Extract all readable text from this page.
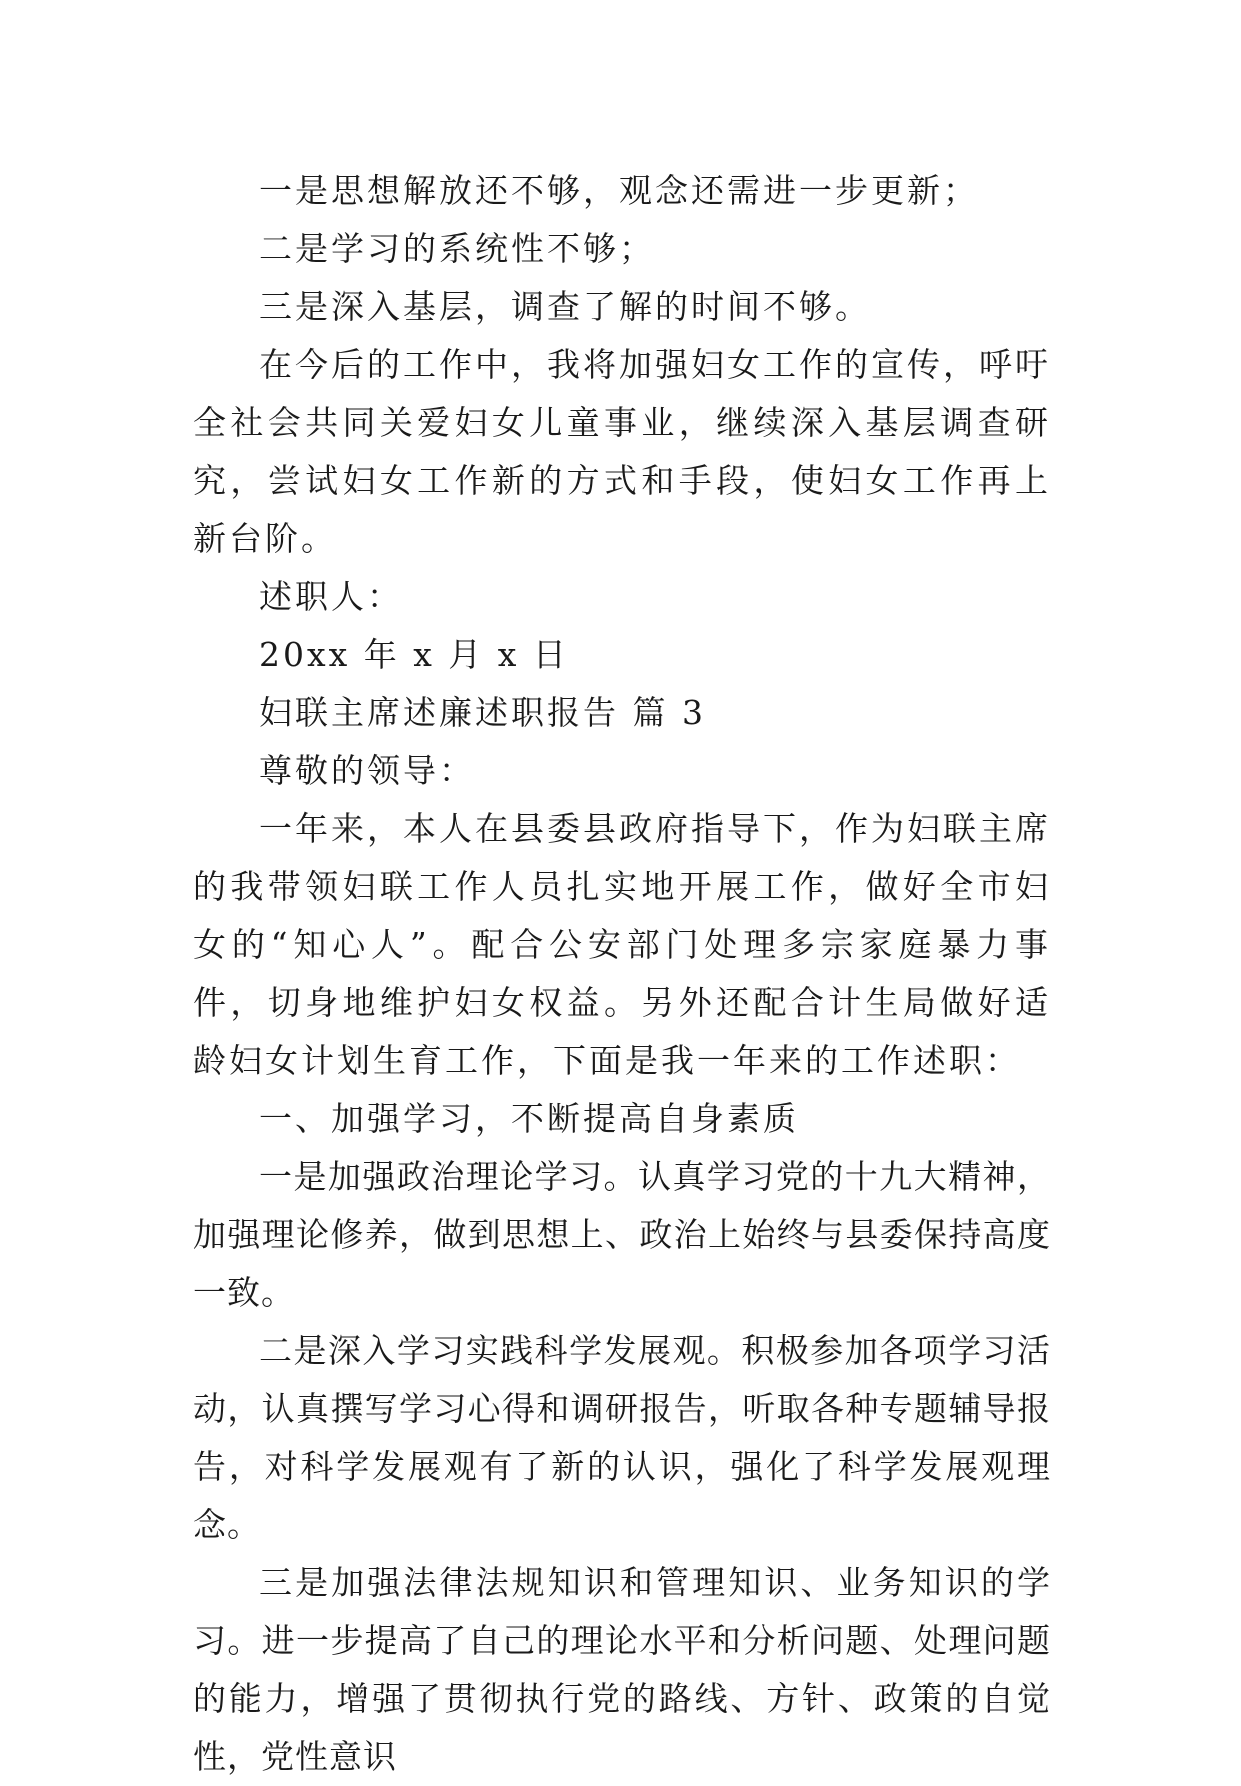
一是思想解放还不够，观念还需进一步更新；

二是学习的系统性不够；

三是深入基层，调查了解的时间不够。

在今后的工作中，我将加强妇女工作的宣传，呼吁全社会共同关爱妇女儿童事业，继续深入基层调查研究，尝试妇女工作新的方式和手段，使妇女工作再上新台阶。

述职人：

20xx 年 x 月 x 日

妇联主席述廉述职报告 篇 3

尊敬的领导：

一年来，本人在县委县政府指导下，作为妇联主席的我带领妇联工作人员扎实地开展工作，做好全市妇女的“知心人”。配合公安部门处理多宗家庭暴力事件，切身地维护妇女权益。另外还配合计生局做好适龄妇女计划生育工作，下面是我一年来的工作述职：

一、加强学习，不断提高自身素质

一是加强政治理论学习。认真学习党的十九大精神，加强理论修养，做到思想上、政治上始终与县委保持高度一致。

二是深入学习实践科学发展观。积极参加各项学习活动，认真撰写学习心得和调研报告，听取各种专题辅导报告，对科学发展观有了新的认识，强化了科学发展观理念。

三是加强法律法规知识和管理知识、业务知识的学习。进一步提高了自己的理论水平和分析问题、处理问题的能力，增强了贯彻执行党的路线、方针、政策的自觉性，党性意识
